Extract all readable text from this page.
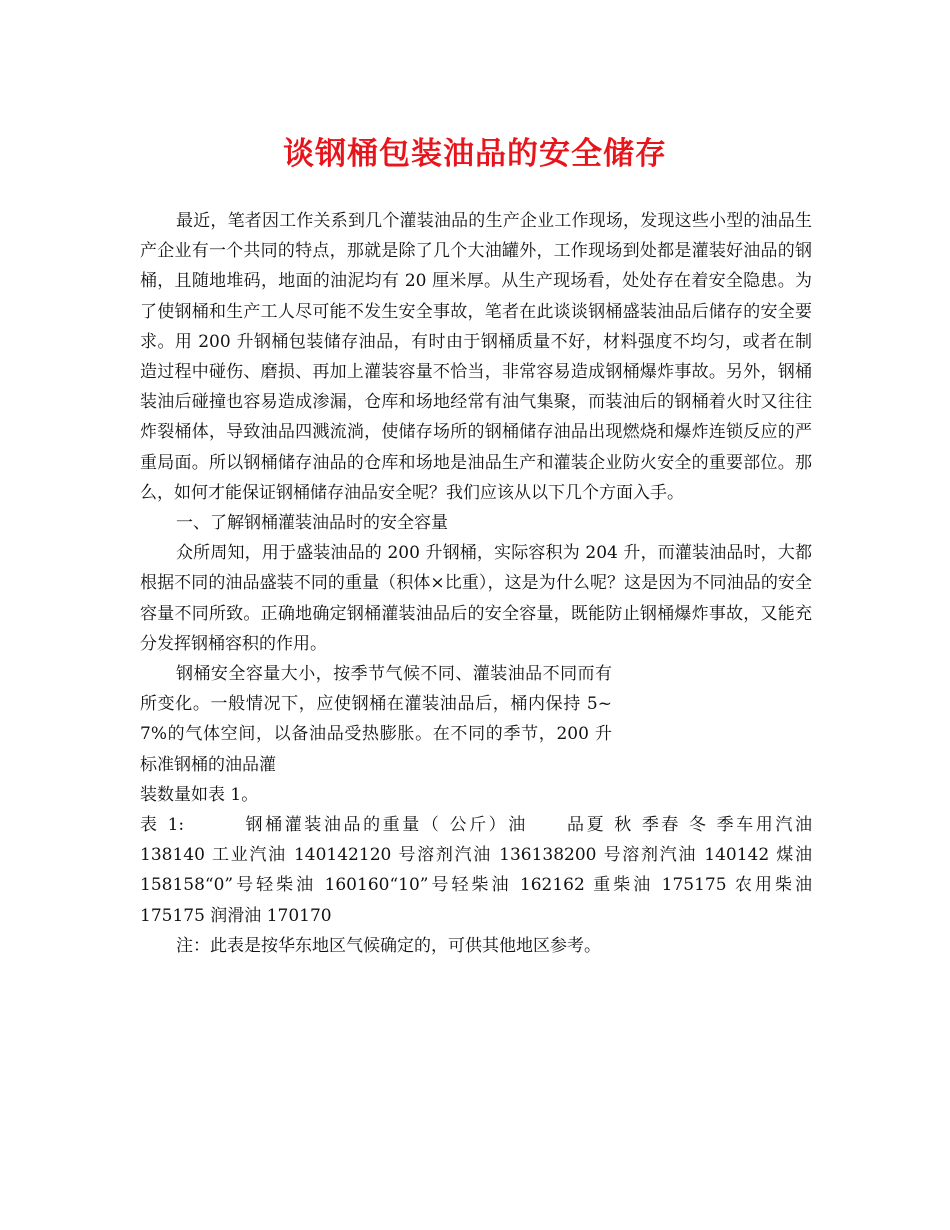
谈钢桶包装油品的安全储存

最近，笔者因工作关系到几个灌装油品的生产企业工作现场，发现这些小型的油品生产企业有一个共同的特点，那就是除了几个大油罐外，工作现场到处都是灌装好油品的钢桶，且随地堆码，地面的油泥均有 20 厘米厚。从生产现场看，处处存在着安全隐患。为了使钢桶和生产工人尽可能不发生安全事故，笔者在此谈谈钢桶盛装油品后储存的安全要求。用 200 升钢桶包装储存油品，有时由于钢桶质量不好，材料强度不均匀，或者在制造过程中碰伤、磨损、再加上灌装容量不恰当，非常容易造成钢桶爆炸事故。另外，钢桶装油后碰撞也容易造成渗漏，仓库和场地经常有油气集聚，而装油后的钢桶着火时又往往炸裂桶体，导致油品四溅流淌，使储存场所的钢桶储存油品出现燃烧和爆炸连锁反应的严重局面。所以钢桶储存油品的仓库和场地是油品生产和灌装企业防火安全的重要部位。那么，如何才能保证钢桶储存油品安全呢？我们应该从以下几个方面入手。

一、了解钢桶灌装油品时的安全容量

众所周知，用于盛装油品的 200 升钢桶，实际容积为 204 升，而灌装油品时，大都根据不同的油品盛装不同的重量（积体×比重），这是为什么呢？这是因为不同油品的安全容量不同所致。正确地确定钢桶灌装油品后的安全容量，既能防止钢桶爆炸事故，又能充分发挥钢桶容积的作用。

钢桶安全容量大小，按季节气候不同、灌装油品不同而有所变化。一般情况下，应使钢桶在灌装油品后，桶内保持 5~7%的气体空间，以备油品受热膨胀。在不同的季节，200 升标准钢桶的油品灌

装数量如表 1。

表 1:　　　钢桶灌装油品的重量（ 公斤）油　　品夏 秋 季春 冬 季车用汽油

138140 工业汽油 140142120 号溶剂汽油 136138200 号溶剂汽油 140142 煤油

158158“0”号轻柴油 160160“10”号轻柴油 162162 重柴油 175175 农用柴油

175175 润滑油 170170

注：此表是按华东地区气候确定的，可供其他地区参考。
